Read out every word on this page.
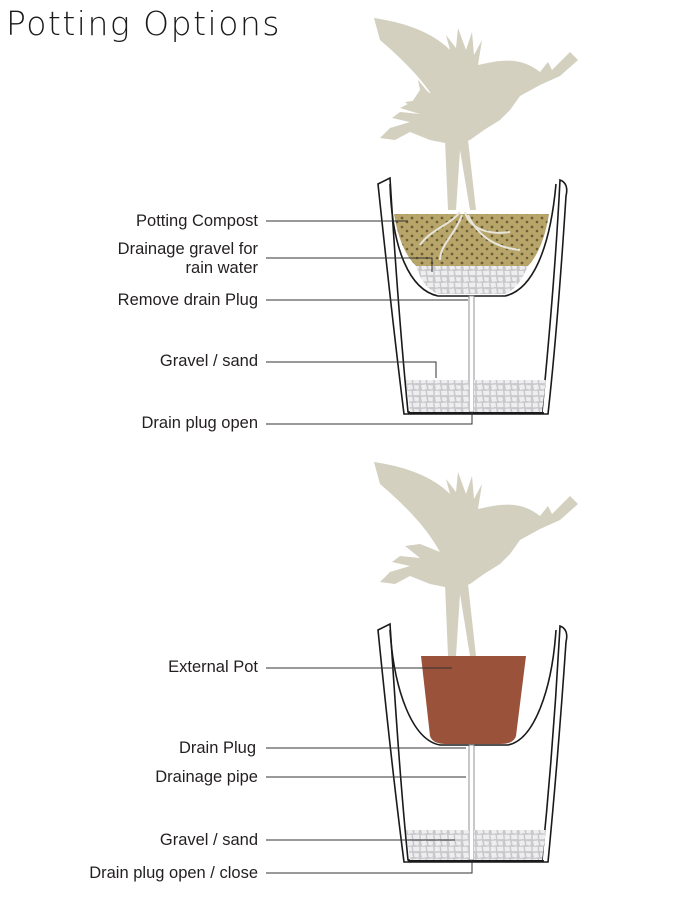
Potting Options
Potting Compost
Drainage gravel for
rain water
Remove drain Plug
Gravel / sand
Drain plug open
External Pot
Drain Plug
Drainage pipe
Gravel / sand
Drain plug open / close
